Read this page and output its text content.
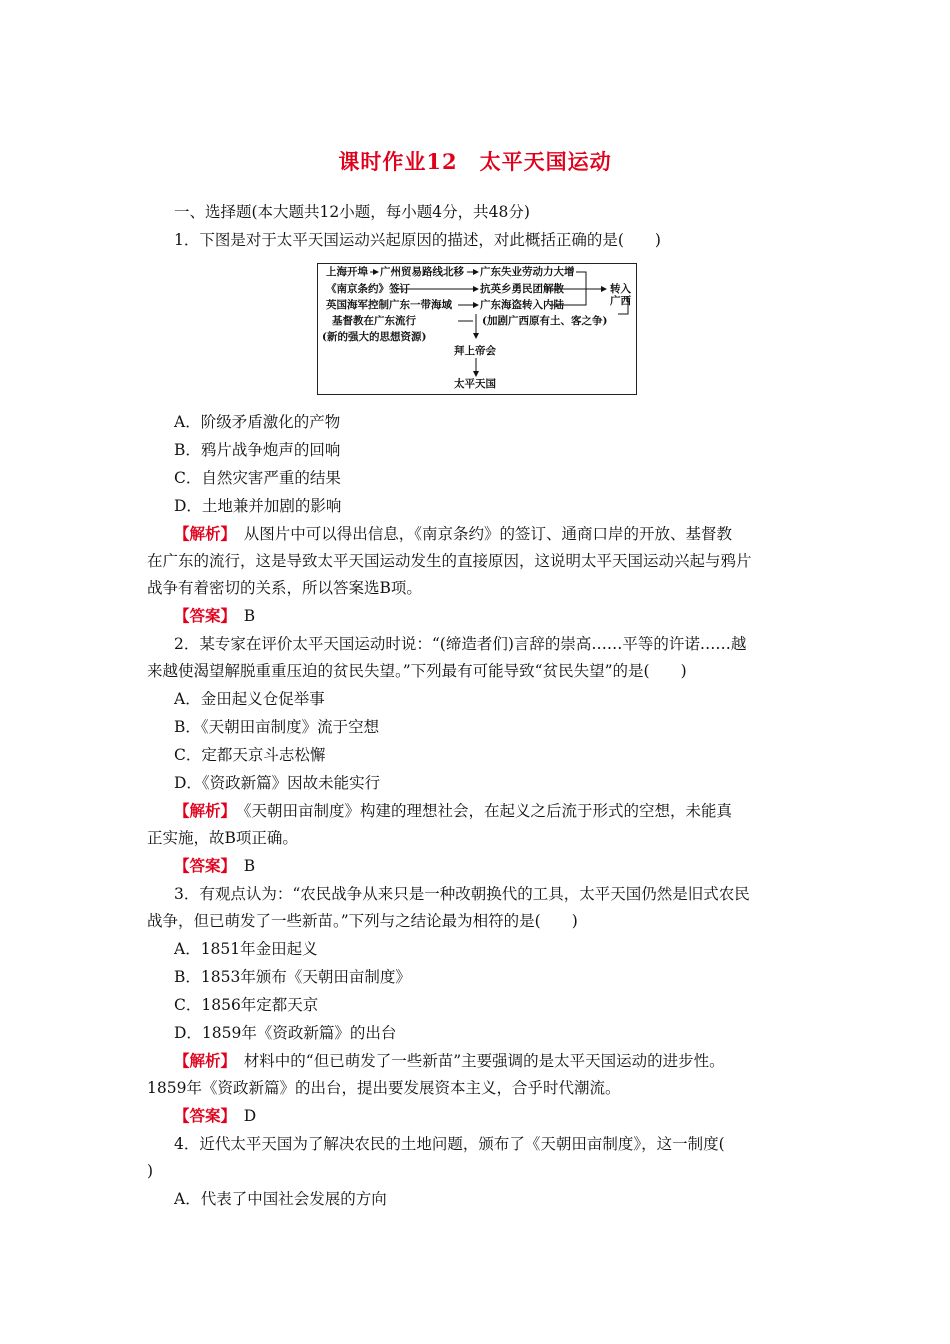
课时作业12　太平天国运动
一、选择题(本大题共12小题，每小题4分，共48分)
1．下图是对于太平天国运动兴起原因的描述，对此概括正确的是(　　)
上海开埠 广州贸易路线北移 广东失业劳动力大增
《南京条约》签订	抗英乡勇民团解散	转入广西
英国海军控制广东一带海域	广东海盗转入内陆
基督教在广东流行	(加剧广西原有土、客之争)
(新的强大的思想资源)
拜上帝会
太平天国
A．阶级矛盾激化的产物
B．鸦片战争炮声的回响
C．自然灾害严重的结果
D．土地兼并加剧的影响
【解析】　从图片中可以得出信息，《南京条约》的签订、通商口岸的开放、基督教
在广东的流行，这是导致太平天国运动发生的直接原因，这说明太平天国运动兴起与鸦片
战争有着密切的关系，所以答案选B项。
【答案】　B
2．某专家在评价太平天国运动时说：“(缔造者们)言辞的崇高……平等的许诺……越
来越使渴望解脱重重压迫的贫民失望。”下列最有可能导致“贫民失望”的是(　　)
A．金田起义仓促举事
B．《天朝田亩制度》流于空想
C．定都天京斗志松懈
D．《资政新篇》因故未能实行
【解析】　《天朝田亩制度》构建的理想社会，在起义之后流于形式的空想，未能真
正实施，故B项正确。
【答案】　B
3．有观点认为：“农民战争从来只是一种改朝换代的工具，太平天国仍然是旧式农民
战争，但已萌发了一些新苗。”下列与之结论最为相符的是(　　)
A．1851年金田起义
B．1853年颁布《天朝田亩制度》
C．1856年定都天京
D．1859年《资政新篇》的出台
【解析】　材料中的“但已萌发了一些新苗”主要强调的是太平天国运动的进步性。
1859年《资政新篇》的出台，提出要发展资本主义，合乎时代潮流。
【答案】　D
4．近代太平天国为了解决农民的土地问题，颁布了《天朝田亩制度》，这一制度(
)
A．代表了中国社会发展的方向
